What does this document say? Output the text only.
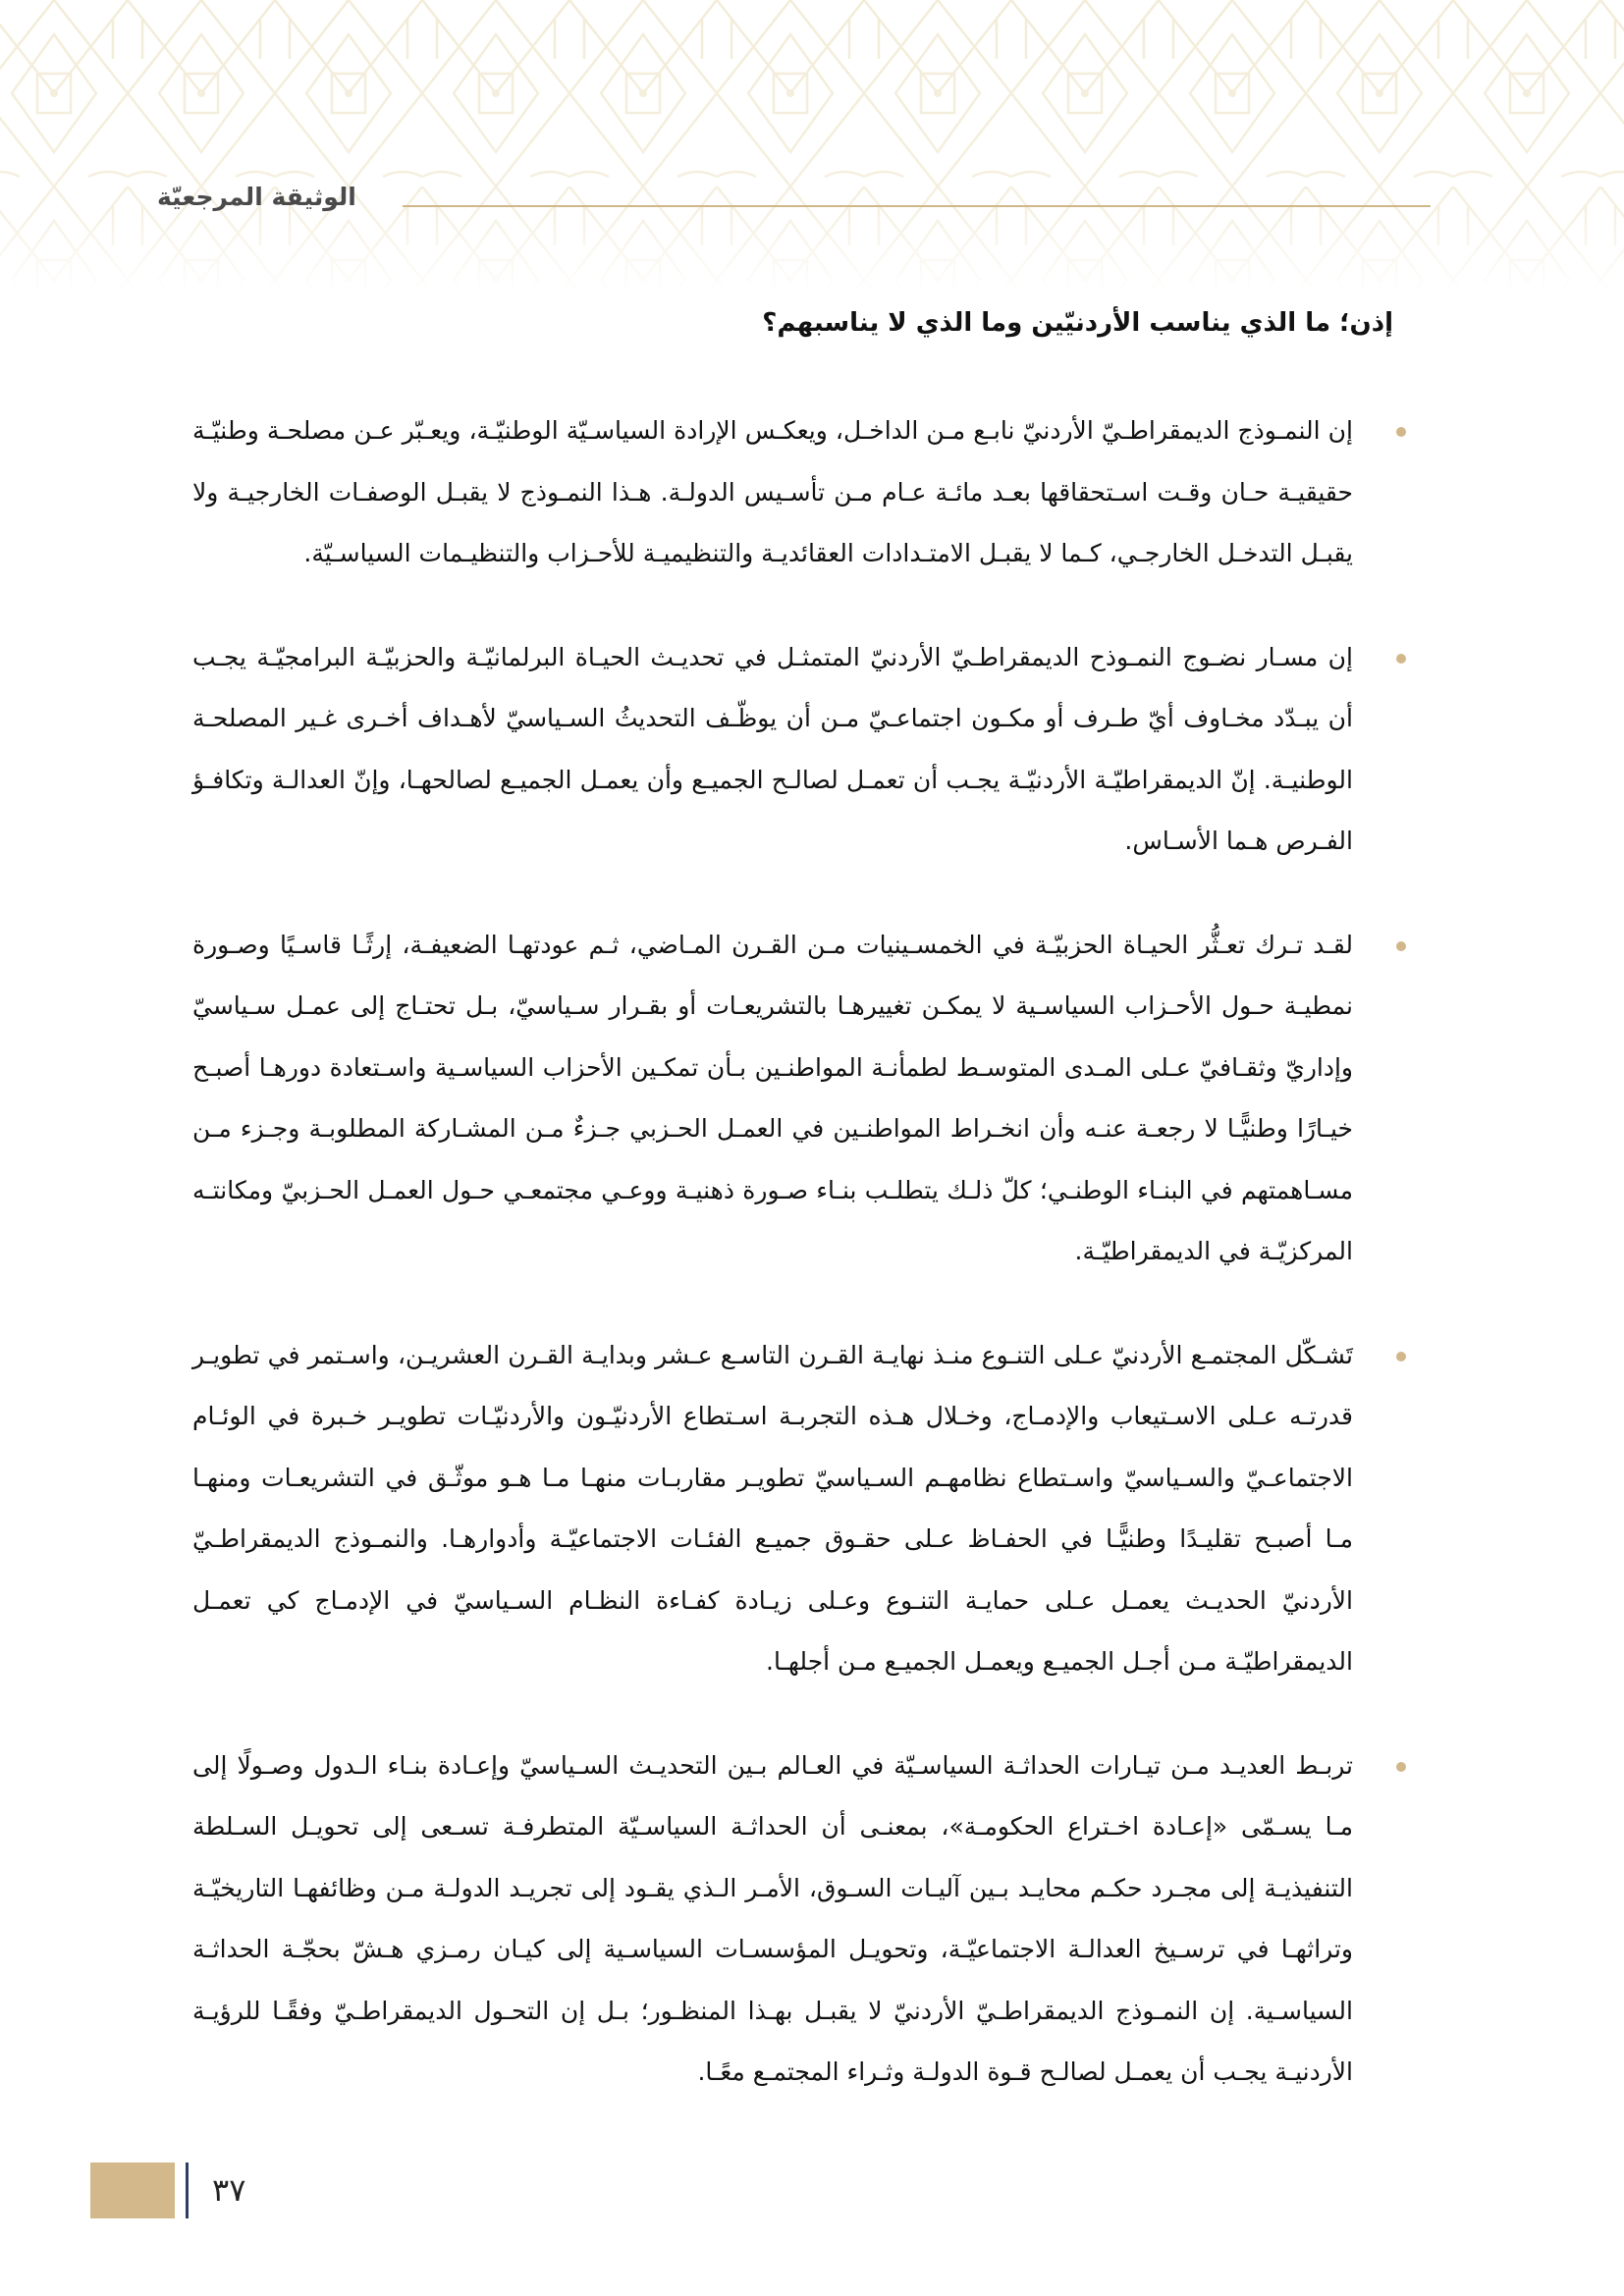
الوثيقة المرجعيّة
إذن؛ ما الذي يناسب الأردنيّين وما الذي لا يناسبهم؟

إن النمـوذج الديمقراطـيّ الأردنيّ نابـع مـن الداخـل، ويعكـس الإرادة السياسـيّة الوطنيّـة، ويعـبّر عـن مصلحـة وطنيّـة حقيقيـة حـان وقـت اسـتحقاقها بعـد مائـة عـام مـن تأسـيس الدولـة. هـذا النمـوذج لا يقبـل الوصفـات الخارجيـة ولا يقبـل التدخـل الخارجـي، كـما لا يقبـل الامتـدادات العقائديـة والتنظيميـة للأحـزاب والتنظيـمات السياسـيّة.

إن مسـار نضـوج النمـوذح الديمقراطـيّ الأردنيّ المتمثـل في تحديـث الحيـاة البرلمانيّـة والحزبيّـة البرامجيّـة يجـب أن يبـدّد مخـاوف أيّ طـرف أو مكـون اجتماعـيّ مـن أن يوظّـف التحديثُ السـياسيّ لأهـداف أخـرى غـير المصلحـة الوطنيـة. إنّ الديمقراطيّـة الأردنيّـة يجـب أن تعمـل لصالـح الجميـع وأن يعمـل الجميـع لصالحهـا، وإنّ العدالـة وتكافـؤ الفـرص هـما الأسـاس.

لقـد تـرك تعـثُّر الحيـاة الحزبيّـة في الخمسـينيات مـن القـرن المـاضي، ثـم عودتهـا الضعيفـة، إرثًـا قاسـيًا وصـورة نمطيـة حـول الأحـزاب السياسـية لا يمكـن تغييرهـا بالتشريعـات أو بقـرار سـياسيّ، بـل تحتـاج إلى عمـل سـياسيّ وإداريّ وثقـافيّ عـلى المـدى المتوسـط لطمأنـة المواطنـين بـأن تمكـين الأحزاب السياسـية واسـتعادة دورهـا أصبـح خيـارًا وطنيًّـا لا رجعـة عنـه وأن انخـراط المواطنـين في العمـل الحـزبي جـزءٌ مـن المشـاركة المطلوبـة وجـزء مـن مسـاهمتهم في البنـاء الوطنـي؛ كلّ ذلـك يتطلـب بنـاء صـورة ذهنيـة ووعـي مجتمعـي حـول العمـل الحـزبيّ ومكانتـه المركزيّـة في الديمقراطيّـة.

تَشـكّل المجتمـع الأردنيّ عـلى التنـوع منـذ نهايـة القـرن التاسـع عـشر وبدايـة القـرن العشريـن، واسـتمر في تطويـر قدرتـه عـلى الاسـتيعاب والإدمـاج، وخـلال هـذه التجربـة اسـتطاع الأردنيّـون والأردنيّـات تطويـر خـبرة في الوئـام الاجتماعـيّ والسـياسيّ واسـتطاع نظامهـم السـياسيّ تطويـر مقاربـات منهـا مـا هـو موثّـق في التشريعـات ومنهـا مـا أصبـح تقليـدًا وطنيًّـا في الحفـاظ عـلى حقـوق جميـع الفئـات الاجتماعيّـة وأدوارهـا. والنمـوذج الديمقراطـيّ الأردنيّ الحديـث يعمـل عـلى حمايـة التنـوع وعـلى زيـادة كفـاءة النظـام السـياسيّ في الإدمـاج كي تعمـل الديمقراطيّـة مـن أجـل الجميـع ويعمـل الجميـع مـن أجلهـا.

تربـط العديـد مـن تيـارات الحداثـة السياسـيّة في العـالم بـين التحديـث السـياسيّ وإعـادة بنـاء الـدول وصـولًا إلى مـا يسـمّى «إعـادة اخـتراع الحكومـة»، بمعنـى أن الحداثـة السياسـيّة المتطرفـة تسـعى إلى تحويـل السـلطة التنفيذيـة إلى مجـرد حكـم محايـد بـين آليـات السـوق، الأمـر الـذي يقـود إلى تجريـد الدولـة مـن وظائفهـا التاريخيّـة وتراثهـا في ترسـيخ العدالـة الاجتماعيّـة، وتحويـل المؤسسـات السياسـية إلى كيـان رمـزي هـشّ بحجّـة الحداثـة السياسـية. إن النمـوذج الديمقراطـيّ الأردنيّ لا يقبـل بهـذا المنظـور؛ بـل إن التحـول الديمقراطـيّ وفقًـا للرؤيـة الأردنيـة يجـب أن يعمـل لصالـح قـوة الدولـة وثـراء المجتمـع معًـا.

٣٧
